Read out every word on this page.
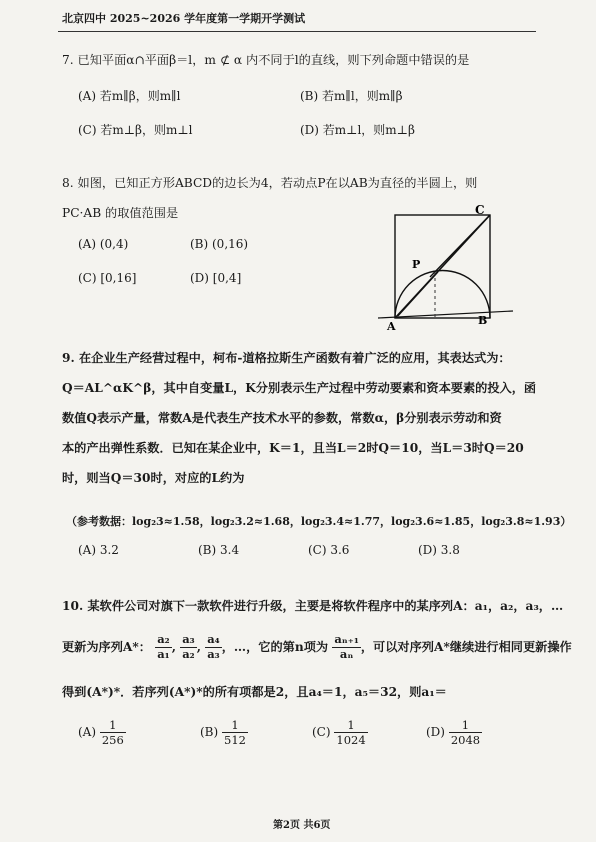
北京四中 2025~2026 学年度第一学期开学测试
7. 已知平面α∩平面β＝l，m ⊄ α 内不同于l的直线，则下列命题中错误的是
(A) 若m∥β，则m∥l	(B) 若m∥l，则m∥β
(C) 若m⊥β，则m⊥l	(D) 若m⊥l，则m⊥β
8. 如图，已知正方形ABCD的边长为4，若动点P在以AB为直径的半圆上，则
PC·AB 的取值范围是
(A) (0,4)	(B) (0,16)
(C) [0,16]	(D) [0,4]
C
P
A	B
9. 在企业生产经营过程中，柯布-道格拉斯生产函数有着广泛的应用，其表达式为：
Q＝AL^αK^β，其中自变量L，K分别表示生产过程中劳动要素和资本要素的投入，函
数值Q表示产量，常数A是代表生产技术水平的参数，常数α，β分别表示劳动和资
本的产出弹性系数．已知在某企业中，K＝1，且当L＝2时Q＝10，当L＝3时Q＝20
时，则当Q＝30时，对应的L约为
（参考数据：log₂3≈1.58，log₂3.2≈1.68，log₂3.4≈1.77，log₂3.6≈1.85，log₂3.8≈1.93）
(A) 3.2	(B) 3.4	(C) 3.6	(D) 3.8
10. 某软件公司对旗下一款软件进行升级，主要是将软件程序中的某序列A：a₁，a₂，a₃，…
更新为序列A*： $\frac{\text{a₂}}{\text{a₁}}$ , $\frac{\text{a₃}}{\text{a₂}}$ , $\frac{\text{a₄}}{\text{a₃}}$ ，…，它的第n项为 $\frac{\text{aₙ₊₁}}{\text{aₙ}}$ ，可以对序列A*继续进行相同更新操作
得到(A*)*．若序列(A*)*的所有项都是2，且a₄＝1，a₅＝32，则a₁＝
$(A) \frac{1}{256}$	$(B) \frac{1}{512}$	$(C) \frac{1}{1024}$	$(D) \frac{1}{2048}$
第2页 共6页
